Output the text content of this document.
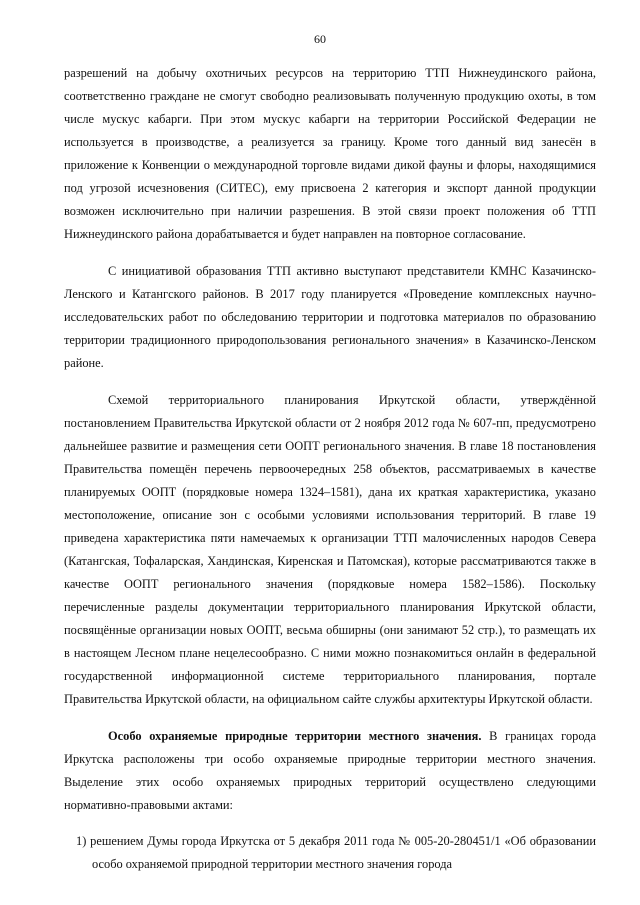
60

разрешений на добычу охотничьих ресурсов на территорию ТТП Нижнеудинского района, соответственно граждане не смогут свободно реализовывать полученную продукцию охоты, в том числе мускус кабарги. При этом мускус кабарги на территории Российской Федерации не используется в производстве, а реализуется за границу. Кроме того данный вид занесён в приложение к Конвенции о международной торговле видами дикой фауны и флоры, находящимися под угрозой исчезновения (СИТЕС), ему присвоена 2 категория и экспорт данной продукции возможен исключительно при наличии разрешения. В этой связи проект положения об ТТП Нижнеудинского района дорабатывается и будет направлен на повторное согласование.

С инициативой образования ТТП активно выступают представители КМНС Казачинско-Ленского и Катангского районов. В 2017 году планируется «Проведение комплексных научно-исследовательских работ по обследованию территории и подготовка материалов по образованию территории традиционного природопользования регионального значения» в Казачинско-Ленском районе.

Схемой территориального планирования Иркутской области, утверждённой постановлением Правительства Иркутской области от 2 ноября 2012 года № 607-пп, предусмотрено дальнейшее развитие и размещения сети ООПТ регионального значения. В главе 18 постановления Правительства помещён перечень первоочередных 258 объектов, рассматриваемых в качестве планируемых ООПТ (порядковые номера 1324–1581), дана их краткая характеристика, указано местоположение, описание зон с особыми условиями использования территорий. В главе 19 приведена характеристика пяти намечаемых к организации ТТП малочисленных народов Севера (Катангская, Тофаларская, Хандинская, Киренская и Патомская), которые рассматриваются также в качестве ООПТ регионального значения (порядковые номера 1582–1586). Поскольку перечисленные разделы документации территориального планирования Иркутской области, посвящённые организации новых ООПТ, весьма обширны (они занимают 52 стр.), то размещать их в настоящем Лесном плане нецелесообразно. С ними можно познакомиться онлайн в федеральной государственной информационной системе территориального планирования, портале Правительства Иркутской области, на официальном сайте службы архитектуры Иркутской области.

Особо охраняемые природные территории местного значения. В границах города Иркутска расположены три особо охраняемые природные территории местного значения. Выделение этих особо охраняемых природных территорий осуществлено следующими нормативно-правовыми актами:

1) решением Думы города Иркутска от 5 декабря 2011 года № 005-20-280451/1 «Об образовании особо охраняемой природной территории местного значения города
